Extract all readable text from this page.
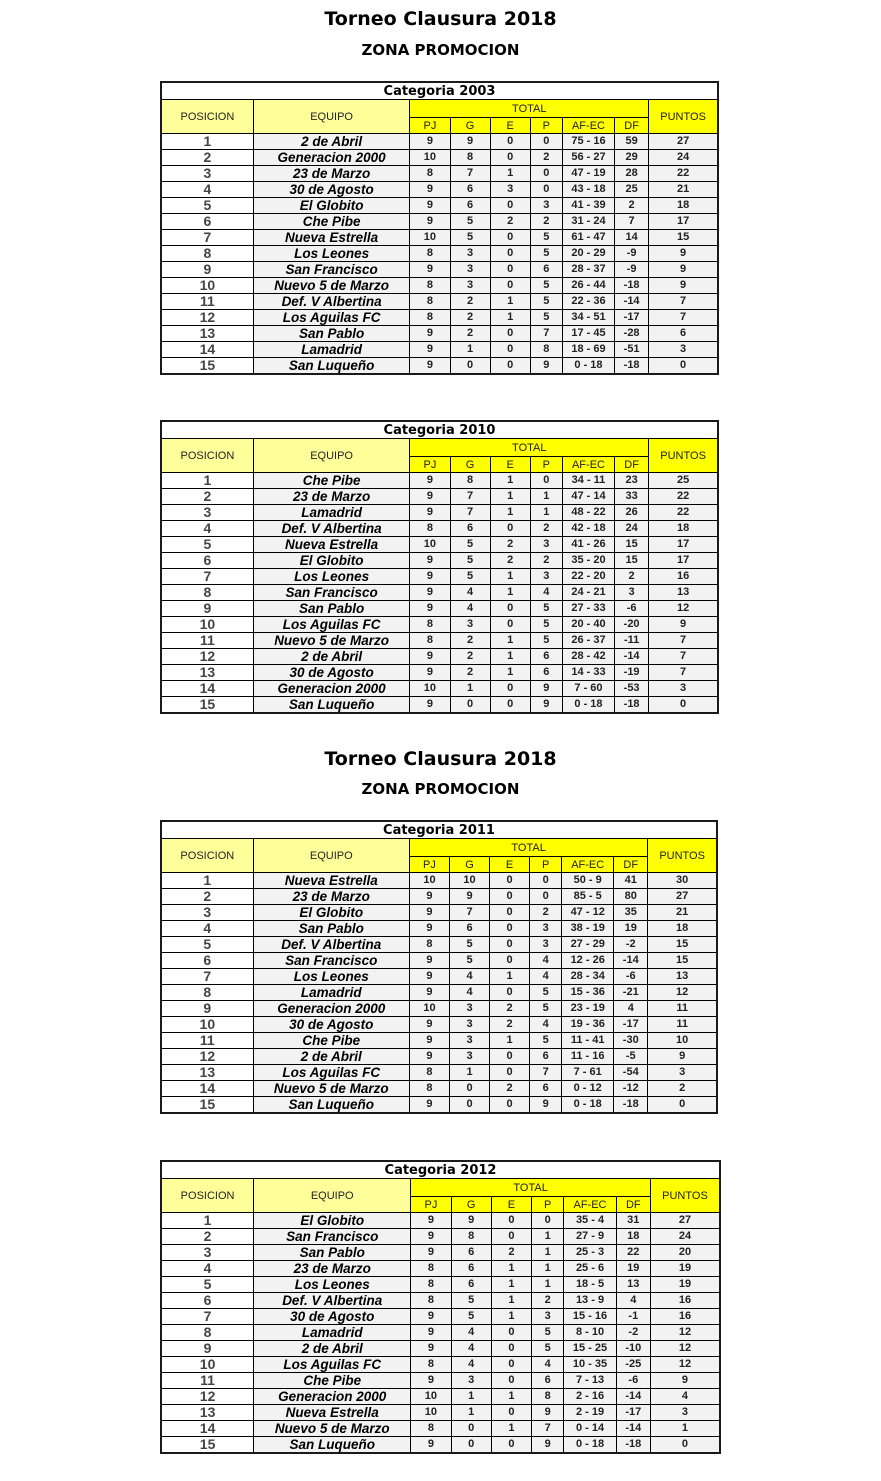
Torneo Clausura 2018
ZONA PROMOCION
Torneo Clausura 2018
ZONA PROMOCION
Categoria 2003								
POSICION	EQUIPO	TOTAL						PUNTOS
		PJ	G	E	P	AF-EC	DF	
1	2 de Abril	9	9	0	0	75 - 16	59	27
2	Generacion 2000	10	8	0	2	56 - 27	29	24
3	23 de Marzo	8	7	1	0	47 - 19	28	22
4	30 de Agosto	9	6	3	0	43 - 18	25	21
5	El Globito	9	6	0	3	41 - 39	2	18
6	Che Pibe	9	5	2	2	31 - 24	7	17
7	Nueva Estrella	10	5	0	5	61 - 47	14	15
8	Los Leones	8	3	0	5	20 - 29	-9	9
9	San Francisco	9	3	0	6	28 - 37	-9	9
10	Nuevo 5 de Marzo	8	3	0	5	26 - 44	-18	9
11	Def. V Albertina	8	2	1	5	22 - 36	-14	7
12	Los Aguilas FC	8	2	1	5	34 - 51	-17	7
13	San Pablo	9	2	0	7	17 - 45	-28	6
14	Lamadrid	9	1	0	8	18 - 69	-51	3
15	San Luqueño	9	0	0	9	0 - 18	-18	0
Categoria 2010								
POSICION	EQUIPO	TOTAL						PUNTOS
		PJ	G	E	P	AF-EC	DF	
1	Che Pibe	9	8	1	0	34 - 11	23	25
2	23 de Marzo	9	7	1	1	47 - 14	33	22
3	Lamadrid	9	7	1	1	48 - 22	26	22
4	Def. V Albertina	8	6	0	2	42 - 18	24	18
5	Nueva Estrella	10	5	2	3	41 - 26	15	17
6	El Globito	9	5	2	2	35 - 20	15	17
7	Los Leones	9	5	1	3	22 - 20	2	16
8	San Francisco	9	4	1	4	24 - 21	3	13
9	San Pablo	9	4	0	5	27 - 33	-6	12
10	Los Aguilas FC	8	3	0	5	20 - 40	-20	9
11	Nuevo 5 de Marzo	8	2	1	5	26 - 37	-11	7
12	2 de Abril	9	2	1	6	28 - 42	-14	7
13	30 de Agosto	9	2	1	6	14 - 33	-19	7
14	Generacion 2000	10	1	0	9	7 - 60	-53	3
15	San Luqueño	9	0	0	9	0 - 18	-18	0
Categoria 2011								
POSICION	EQUIPO	TOTAL						PUNTOS
		PJ	G	E	P	AF-EC	DF	
1	Nueva Estrella	10	10	0	0	50 - 9	41	30
2	23 de Marzo	9	9	0	0	85 - 5	80	27
3	El Globito	9	7	0	2	47 - 12	35	21
4	San Pablo	9	6	0	3	38 - 19	19	18
5	Def. V Albertina	8	5	0	3	27 - 29	-2	15
6	San Francisco	9	5	0	4	12 - 26	-14	15
7	Los Leones	9	4	1	4	28 - 34	-6	13
8	Lamadrid	9	4	0	5	15 - 36	-21	12
9	Generacion 2000	10	3	2	5	23 - 19	4	11
10	30 de Agosto	9	3	2	4	19 - 36	-17	11
11	Che Pibe	9	3	1	5	11 - 41	-30	10
12	2 de Abril	9	3	0	6	11 - 16	-5	9
13	Los Aguilas FC	8	1	0	7	7 - 61	-54	3
14	Nuevo 5 de Marzo	8	0	2	6	0 - 12	-12	2
15	San Luqueño	9	0	0	9	0 - 18	-18	0
Categoria 2012								
POSICION	EQUIPO	TOTAL						PUNTOS
		PJ	G	E	P	AF-EC	DF	
1	El Globito	9	9	0	0	35 - 4	31	27
2	San Francisco	9	8	0	1	27 - 9	18	24
3	San Pablo	9	6	2	1	25 - 3	22	20
4	23 de Marzo	8	6	1	1	25 - 6	19	19
5	Los Leones	8	6	1	1	18 - 5	13	19
6	Def. V Albertina	8	5	1	2	13 - 9	4	16
7	30 de Agosto	9	5	1	3	15 - 16	-1	16
8	Lamadrid	9	4	0	5	8 - 10	-2	12
9	2 de Abril	9	4	0	5	15 - 25	-10	12
10	Los Aguilas FC	8	4	0	4	10 - 35	-25	12
11	Che Pibe	9	3	0	6	7 - 13	-6	9
12	Generacion 2000	10	1	1	8	2 - 16	-14	4
13	Nueva Estrella	10	1	0	9	2 - 19	-17	3
14	Nuevo 5 de Marzo	8	0	1	7	0 - 14	-14	1
15	San Luqueño	9	0	0	9	0 - 18	-18	0
